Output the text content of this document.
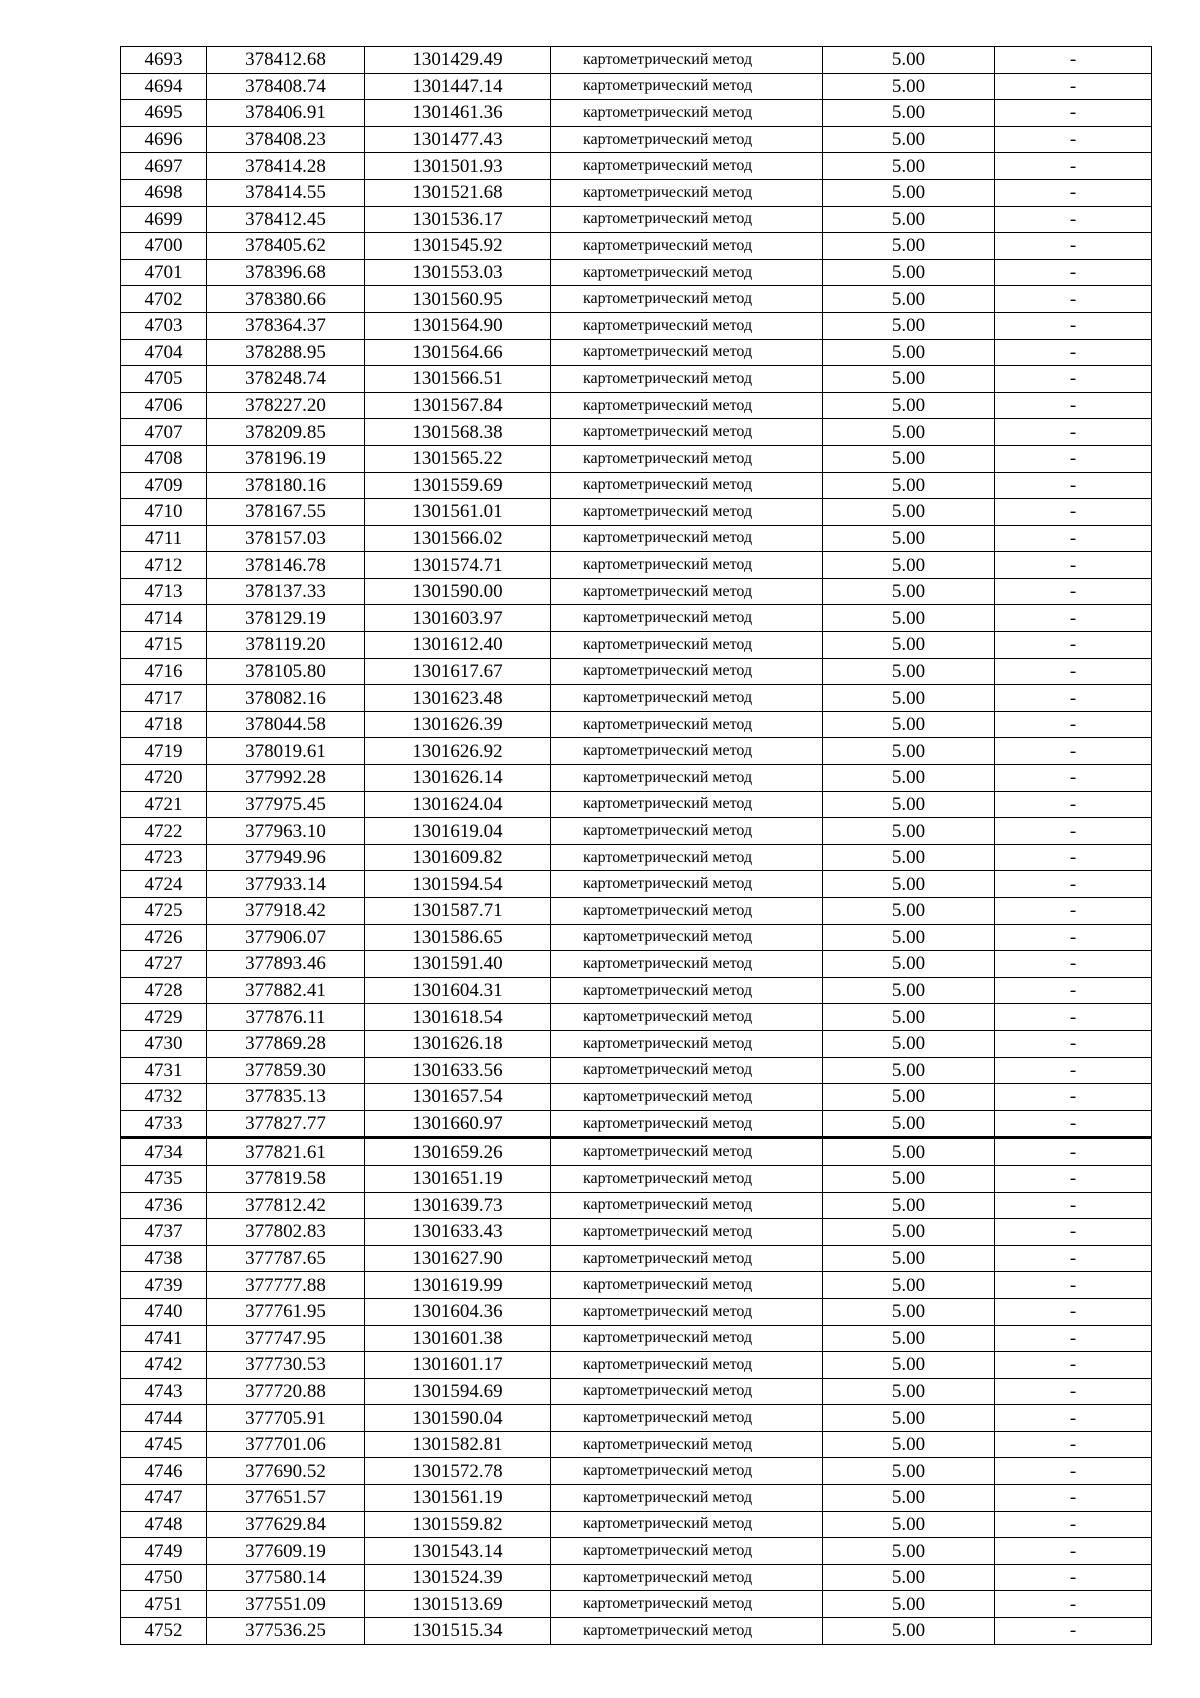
4693	378412.68	1301429.49	картометрический метод	5.00	-
4694	378408.74	1301447.14	картометрический метод	5.00	-
4695	378406.91	1301461.36	картометрический метод	5.00	-
4696	378408.23	1301477.43	картометрический метод	5.00	-
4697	378414.28	1301501.93	картометрический метод	5.00	-
4698	378414.55	1301521.68	картометрический метод	5.00	-
4699	378412.45	1301536.17	картометрический метод	5.00	-
4700	378405.62	1301545.92	картометрический метод	5.00	-
4701	378396.68	1301553.03	картометрический метод	5.00	-
4702	378380.66	1301560.95	картометрический метод	5.00	-
4703	378364.37	1301564.90	картометрический метод	5.00	-
4704	378288.95	1301564.66	картометрический метод	5.00	-
4705	378248.74	1301566.51	картометрический метод	5.00	-
4706	378227.20	1301567.84	картометрический метод	5.00	-
4707	378209.85	1301568.38	картометрический метод	5.00	-
4708	378196.19	1301565.22	картометрический метод	5.00	-
4709	378180.16	1301559.69	картометрический метод	5.00	-
4710	378167.55	1301561.01	картометрический метод	5.00	-
4711	378157.03	1301566.02	картометрический метод	5.00	-
4712	378146.78	1301574.71	картометрический метод	5.00	-
4713	378137.33	1301590.00	картометрический метод	5.00	-
4714	378129.19	1301603.97	картометрический метод	5.00	-
4715	378119.20	1301612.40	картометрический метод	5.00	-
4716	378105.80	1301617.67	картометрический метод	5.00	-
4717	378082.16	1301623.48	картометрический метод	5.00	-
4718	378044.58	1301626.39	картометрический метод	5.00	-
4719	378019.61	1301626.92	картометрический метод	5.00	-
4720	377992.28	1301626.14	картометрический метод	5.00	-
4721	377975.45	1301624.04	картометрический метод	5.00	-
4722	377963.10	1301619.04	картометрический метод	5.00	-
4723	377949.96	1301609.82	картометрический метод	5.00	-
4724	377933.14	1301594.54	картометрический метод	5.00	-
4725	377918.42	1301587.71	картометрический метод	5.00	-
4726	377906.07	1301586.65	картометрический метод	5.00	-
4727	377893.46	1301591.40	картометрический метод	5.00	-
4728	377882.41	1301604.31	картометрический метод	5.00	-
4729	377876.11	1301618.54	картометрический метод	5.00	-
4730	377869.28	1301626.18	картометрический метод	5.00	-
4731	377859.30	1301633.56	картометрический метод	5.00	-
4732	377835.13	1301657.54	картометрический метод	5.00	-
4733	377827.77	1301660.97	картометрический метод	5.00	-
4734	377821.61	1301659.26	картометрический метод	5.00	-
4735	377819.58	1301651.19	картометрический метод	5.00	-
4736	377812.42	1301639.73	картометрический метод	5.00	-
4737	377802.83	1301633.43	картометрический метод	5.00	-
4738	377787.65	1301627.90	картометрический метод	5.00	-
4739	377777.88	1301619.99	картометрический метод	5.00	-
4740	377761.95	1301604.36	картометрический метод	5.00	-
4741	377747.95	1301601.38	картометрический метод	5.00	-
4742	377730.53	1301601.17	картометрический метод	5.00	-
4743	377720.88	1301594.69	картометрический метод	5.00	-
4744	377705.91	1301590.04	картометрический метод	5.00	-
4745	377701.06	1301582.81	картометрический метод	5.00	-
4746	377690.52	1301572.78	картометрический метод	5.00	-
4747	377651.57	1301561.19	картометрический метод	5.00	-
4748	377629.84	1301559.82	картометрический метод	5.00	-
4749	377609.19	1301543.14	картометрический метод	5.00	-
4750	377580.14	1301524.39	картометрический метод	5.00	-
4751	377551.09	1301513.69	картометрический метод	5.00	-
4752	377536.25	1301515.34	картометрический метод	5.00	-
